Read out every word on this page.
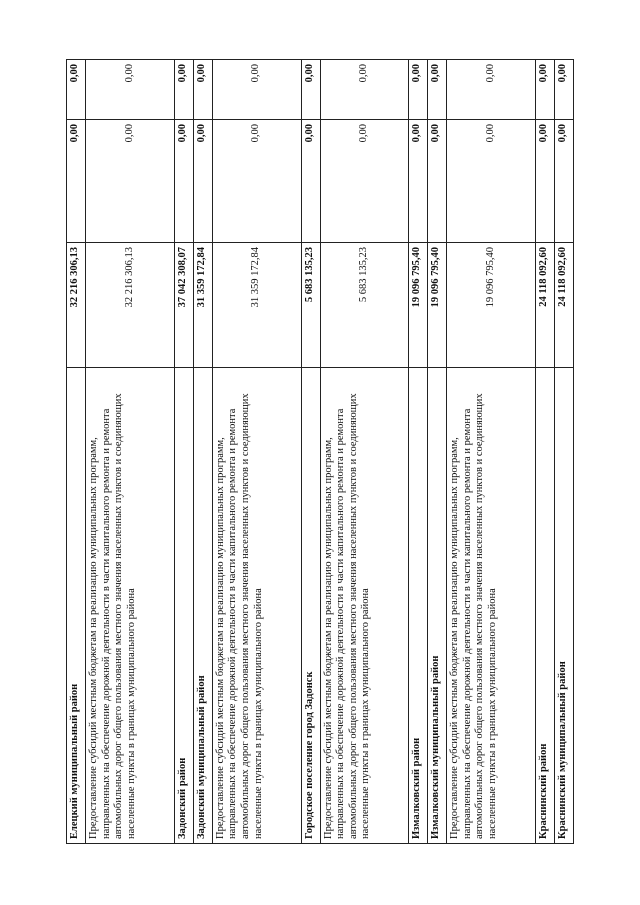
Елецкий муниципальный район	32 216 306,13	0,00	0,00
Предоставление субсидий местным бюджетам на реализацию муниципальных программ, направленных на обеспечение дорожной деятельности в части капитального ремонта и ремонта автомобильных дорог общего пользования местного значения населенных пунктов и соединяющих населенные пункты в границах муниципального района	32 216 306,13	0,00	0,00
Задонский район	37 042 308,07	0,00	0,00
Задонский муниципальный район	31 359 172,84	0,00	0,00
Предоставление субсидий местным бюджетам на реализацию муниципальных программ, направленных на обеспечение дорожной деятельности в части капитального ремонта и ремонта автомобильных дорог общего пользования местного значения населенных пунктов и соединяющих населенные пункты в границах муниципального района	31 359 172,84	0,00	0,00
Городское поселение город Задонск	5 683 135,23	0,00	0,00
Предоставление субсидий местным бюджетам на реализацию муниципальных программ, направленных на обеспечение дорожной деятельности в части капитального ремонта и ремонта автомобильных дорог общего пользования местного значения населенных пунктов и соединяющих населенные пункты в границах муниципального района	5 683 135,23	0,00	0,00
Измалковский район	19 096 795,40	0,00	0,00
Измалковский муниципальный район	19 096 795,40	0,00	0,00
Предоставление субсидий местным бюджетам на реализацию муниципальных программ, направленных на обеспечение дорожной деятельности в части капитального ремонта и ремонта автомобильных дорог общего пользования местного значения населенных пунктов и соединяющих населенные пункты в границах муниципального района	19 096 795,40	0,00	0,00
Краснинский район	24 118 092,60	0,00	0,00
Краснинский муниципальный район	24 118 092,60	0,00	0,00
